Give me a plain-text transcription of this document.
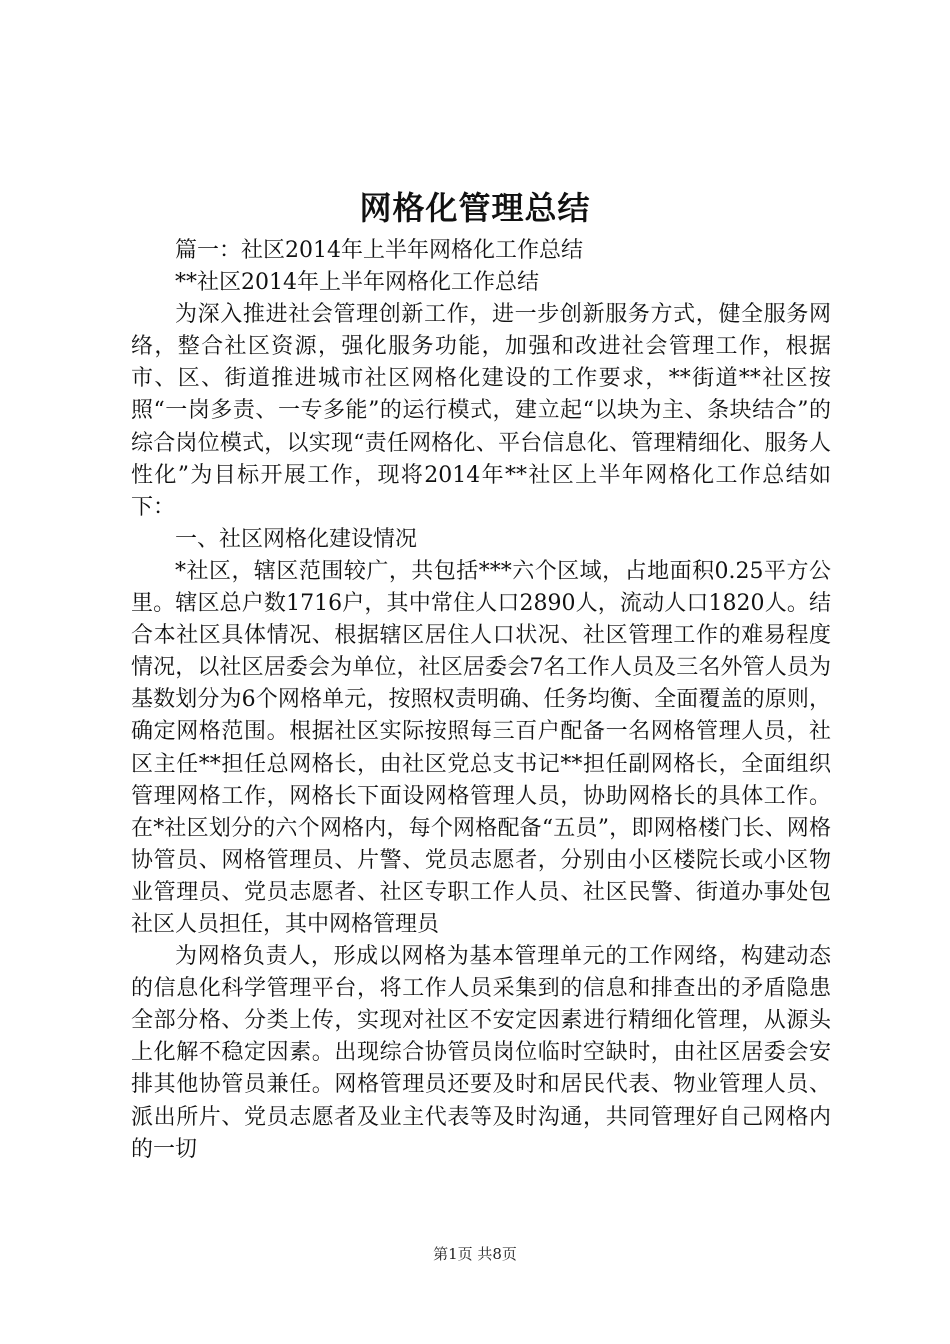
网格化管理总结

篇一：社区2014年上半年网格化工作总结

**社区2014年上半年网格化工作总结

为深入推进社会管理创新工作，进一步创新服务方式，健全服务网络，整合社区资源，强化服务功能，加强和改进社会管理工作，根据市、区、街道推进城市社区网格化建设的工作要求，**街道**社区按照“一岗多责、一专多能”的运行模式，建立起“以块为主、条块结合”的综合岗位模式，以实现“责任网格化、平台信息化、管理精细化、服务人性化”为目标开展工作，现将2014年**社区上半年网格化工作总结如下：

一、社区网格化建设情况

*社区，辖区范围较广，共包括***六个区域，占地面积0.25平方公里。辖区总户数1716户，其中常住人口2890人，流动人口1820人。结合本社区具体情况、根据辖区居住人口状况、社区管理工作的难易程度情况，以社区居委会为单位，社区居委会7名工作人员及三名外管人员为基数划分为6个网格单元，按照权责明确、任务均衡、全面覆盖的原则，确定网格范围。根据社区实际按照每三百户配备一名网格管理人员，社区主任**担任总网格长，由社区党总支书记**担任副网格长，全面组织管理网格工作，网格长下面设网格管理人员，协助网格长的具体工作。在*社区划分的六个网格内，每个网格配备“五员”，即网格楼门长、网格协管员、网格管理员、片警、党员志愿者，分别由小区楼院长或小区物业管理员、党员志愿者、社区专职工作人员、社区民警、街道办事处包社区人员担任，其中网格管理员

为网格负责人，形成以网格为基本管理单元的工作网络，构建动态的信息化科学管理平台，将工作人员采集到的信息和排查出的矛盾隐患全部分格、分类上传，实现对社区不安定因素进行精细化管理，从源头上化解不稳定因素。出现综合协管员岗位临时空缺时，由社区居委会安排其他协管员兼任。网格管理员还要及时和居民代表、物业管理人员、派出所片、党员志愿者及业主代表等及时沟通，共同管理好自己网格内的一切

第1页 共8页
